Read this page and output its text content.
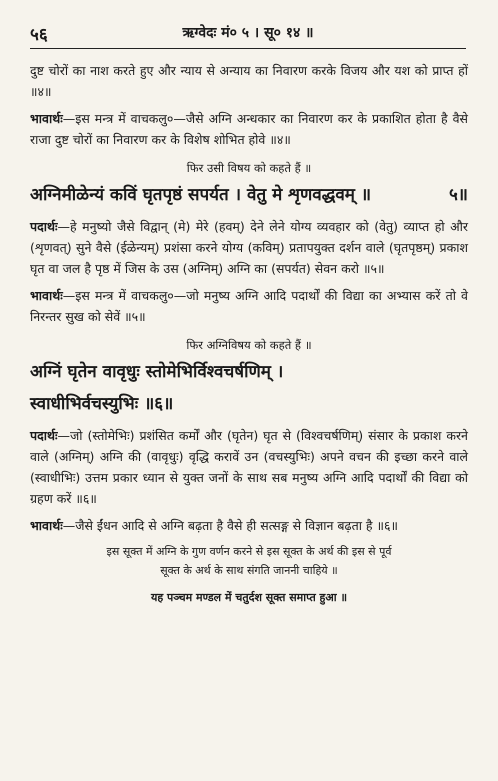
५६	ऋग्वेदः मं० ५ । सू० १४ ॥

दुष्ट चोरों का नाश करते हुए और न्याय से अन्याय का निवारण करके विजय और यश को प्राप्त हों ॥४॥

भावार्थः—इस मन्त्र में वाचकलु०—जैसे अग्नि अन्धकार का निवारण कर के प्रकाशित होता है वैसे राजा दुष्ट चोरों का निवारण कर के विशेष शोभित होवे ॥४॥

फिर उसी विषय को कहते हैं ॥

अग्निमीळेन्यं कविं घृतपृष्ठं सपर्यत । वेतु मे शृणवद्धवम् ॥	५॥

पदार्थः—हे मनुष्यो जैसे विद्वान् (मे) मेरे (हवम्) देने लेने योग्य व्यवहार को (वेतु) व्याप्त हो और (शृणवत्) सुने वैसे (ईळेन्यम्) प्रशंसा करने योग्य (कविम्) प्रतापयुक्त दर्शन वाले (घृतपृष्ठम्) प्रकाश घृत वा जल है पृष्ठ में जिस के उस (अग्निम्) अग्नि का (सपर्यत) सेवन करो ॥५॥

भावार्थः—इस मन्त्र में वाचकलु०—जो मनुष्य अग्नि आदि पदार्थों की विद्या का अभ्यास करें तो वे निरन्तर सुख को सेवें ॥५॥

फिर अग्निविषय को कहते हैं ॥

अग्निं घृतेन वावृधुः स्तोमेभिर्विश्वचर्षणिम् ।

स्वाधीभिर्वचस्युभिः ॥६॥

पदार्थः—जो (स्तोमेभिः) प्रशंसित कर्मों और (घृतेन) घृत से (विश्वचर्षणिम्) संसार के प्रकाश करने वाले (अग्निम्) अग्नि की (वावृधुः) वृद्धि करावें उन (वचस्युभिः) अपने वचन की इच्छा करने वाले (स्वाधीभिः) उत्तम प्रकार ध्यान से युक्त जनों के साथ सब मनुष्य अग्नि आदि पदार्थों की विद्या को ग्रहण करें ॥६॥

भावार्थः—जैसे ईंधन आदि से अग्नि बढ़ता है वैसे ही सत्सङ्ग से विज्ञान बढ़ता है ॥६॥

इस सूक्त में अग्नि के गुण वर्णन करने से इस सूक्त के अर्थ की इस से पूर्व

सूक्त के अर्थ के साथ संगति जाननी चाहिये ॥

यह पञ्चम मण्डल में चतुर्दश सूक्त समाप्त हुआ ॥
